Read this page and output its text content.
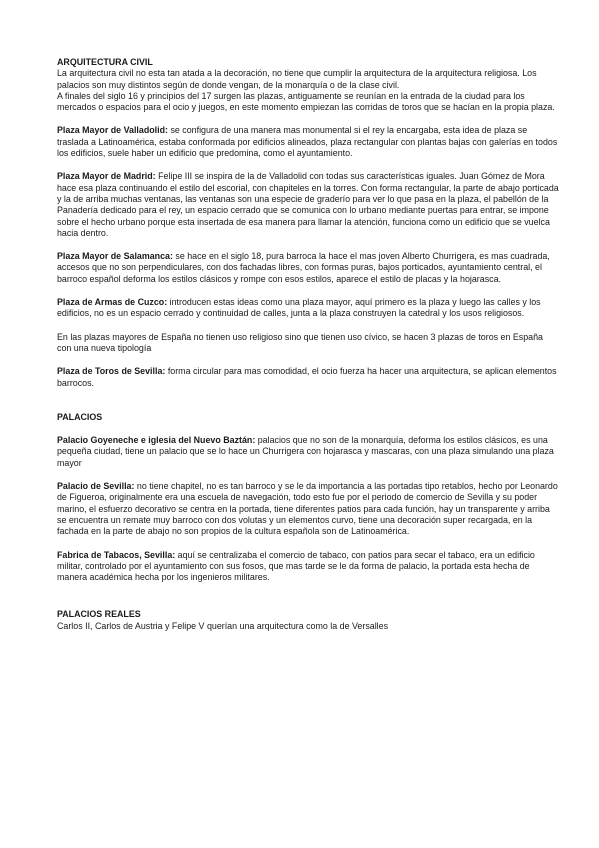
ARQUITECTURA CIVIL

La arquitectura civil no esta tan atada a la decoración, no tiene que cumplir la arquitectura de la arquitectura religiosa. Los palacios son muy distintos según de donde vengan, de la monarquía o de la clase civil.

A finales del siglo 16 y principios del 17 surgen las plazas, antiguamente se reunían en la entrada de la ciudad para los mercados o espacios para el ocio y juegos, en este momento empiezan las corridas de toros que se hacían en la propia plaza.

Plaza Mayor de Valladolid: se configura de una manera mas monumental si el rey la encargaba, esta idea de plaza se traslada a Latinoamérica, estaba conformada por edificios alineados, plaza rectangular con plantas bajas con galerías en todos los edificios, suele haber un edificio que predomina, como el ayuntamiento.

Plaza Mayor de Madrid: Felipe III se inspira de la de Valladolid con todas sus características iguales. Juan Gómez de Mora hace esa plaza continuando el estilo del escorial, con chapiteles en la torres. Con forma rectangular, la parte de abajo porticada y la de arriba muchas ventanas, las ventanas son una especie de graderío para ver lo que pasa en la plaza, el pabellón de la Panadería dedicado para el rey, un espacio cerrado que se comunica con lo urbano mediante puertas para entrar, se impone sobre el hecho urbano porque esta insertada de esa manera para llamar la atención, funciona como un edificio que se vuelca hacia dentro.

Plaza Mayor de Salamanca: se hace en el siglo 18, pura barroca la hace el mas joven Alberto Churrigera, es mas cuadrada, accesos que no son perpendiculares, con dos fachadas libres, con formas puras, bajos porticados, ayuntamiento central, el barroco español deforma los estilos clásicos y rompe con esos estilos, aparece el estilo de placas y la hojarasca.

Plaza de Armas de Cuzco: introducen estas ideas como una plaza mayor, aquí primero es la plaza y luego las calles y los edificios, no es un espacio cerrado y continuidad de calles, junta a la plaza construyen la catedral y los usos religiosos.

En las plazas mayores de España no tienen uso religioso sino que tienen uso cívico, se hacen 3 plazas de toros en España con una nueva tipología

Plaza de Toros de Sevilla: forma circular para mas comodidad, el ocio fuerza ha hacer una arquitectura, se aplican elementos barrocos.

PALACIOS

Palacio Goyeneche e iglesia del Nuevo Baztán: palacios que no son de la monarquía, deforma los estilos clásicos, es una pequeña ciudad, tiene un palacio que se lo hace un Churrigera con hojarasca y mascaras, con una plaza simulando una plaza mayor

Palacio de Sevilla: no tiene chapitel, no es tan barroco y se le da importancia a las portadas tipo retablos, hecho por Leonardo de Figueroa, originalmente era una escuela de navegación, todo esto fue por el periodo de comercio de Sevilla y su poder marino, el esfuerzo decorativo se centra en la portada, tiene diferentes patios para cada función, hay un transparente y arriba se encuentra un remate muy barroco con dos volutas y un elementos curvo, tiene una decoración super recargada, en la fachada en la parte de abajo no son propios de la cultura española son de Latinoamérica.

Fabrica de Tabacos, Sevilla: aquí se centralizaba el comercio de tabaco, con patios para secar el tabaco, era un edificio militar, controlado por el ayuntamiento con sus fosos, que mas tarde se le da forma de palacio, la portada esta hecha de manera académica hecha por los ingenieros militares.

PALACIOS REALES

Carlos II, Carlos de Austria y Felipe V querían una arquitectura como la de Versalles
